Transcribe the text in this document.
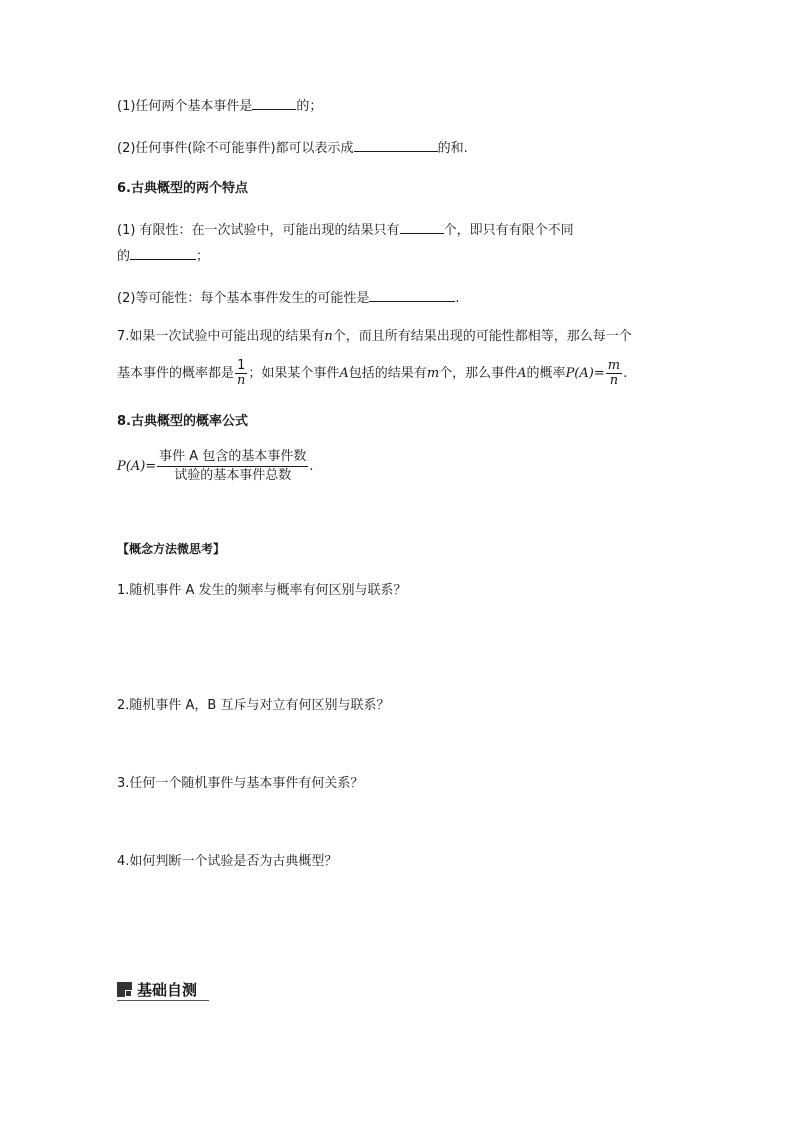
(1)任何两个基本事件是	的；
(2)任何事件(除不可能事件)都可以表示成	的和.
6.古典概型的两个特点
(1) 有限性：在一次试验中，可能出现的结果只有	个，即只有有限个不同
的	；
(2)等可能性：每个基本事件发生的可能性是	.
7.如果一次试验中可能出现的结果有n个，而且所有结果出现的可能性都相等，那么每一个
基本事件的概率都是 $\frac{1}{n}$ ；如果某个事件A包括的结果有m个，那么事件A的概率$P(A)= \frac{m}{n}$ .
8.古典概型的概率公式
$P(A)= \frac{\text{事件 A 包含的基本事件数}}{\text{试验的基本事件总数}}$ .
【概念方法微思考】
1.随机事件 A 发生的频率与概率有何区别与联系？
2.随机事件 A，B 互斥与对立有何区别与联系？
3.任何一个随机事件与基本事件有何关系？
4.如何判断一个试验是否为古典概型？
基础自测
